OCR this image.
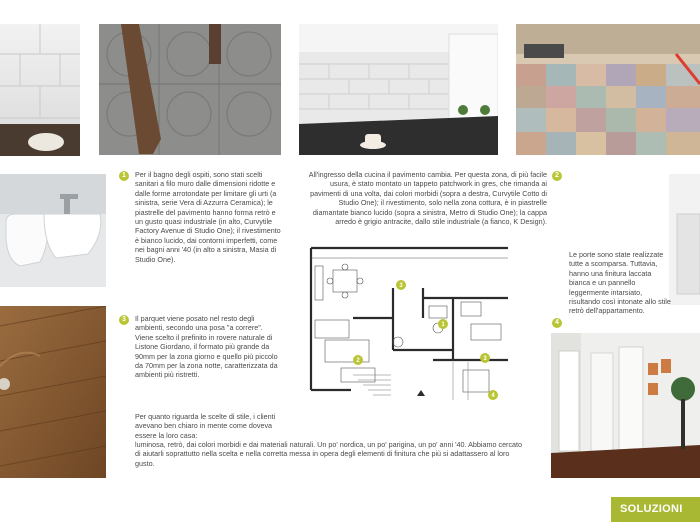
1	2
3	4

Per il bagno degli ospiti, sono stati scelti sanitari a filo muro dalle dimensioni ridotte e dalle forme arrotondate per limitare gli urti (a sinistra, serie Vera di Azzurra Ceramica); le piastrelle del pavimento hanno forma retrò e un gusto quasi industriale (in alto, Curvytile Factory Avenue di Studio One); il rivestimento è bianco lucido, dai contorni imperfetti, come nei bagni anni '40 (in alto a sinistra, Masia di Studio One).

All'ingresso della cucina il pavimento cambia. Per questa zona, di più facile usura, è stato montato un tappeto patchwork in gres, che rimanda ai pavimenti di una volta, dai colori morbidi (sopra a destra, Curvytile Cotto di Studio One); il rivestimento, solo nella zona cottura, è in piastrelle diamantate bianco lucido (sopra a sinistra, Metro di Studio One); la cappa arredo è grigio antracite, dallo stile industriale (a fianco, K Design).

Il parquet viene posato nel resto degli ambienti, secondo una posa "a correre". Viene scelto il prefinito in rovere naturale di Listone Giordano, il formato più grande da 90mm per la zona giorno e quello più piccolo da 70mm per la zona notte, caratterizzata da ambienti più ristretti.

Le porte sono state realizzate tutte a scomparsa. Tuttavia, hanno una finitura laccata bianca e un pannello leggermente intarsiato, risultando così intonate allo stile retrò dell'appartamento.

Per quanto riguarda le scelte di stile, i clienti avevano ben chiaro in mente come doveva essere la loro casa:

luminosa, retrò, dai colori morbidi e dai materiali naturali. Un po' nordica, un po' parigina, un po' anni '40. Abbiamo cercato di aiutarli soprattutto nella scelta e nella corretta messa in opera degli elementi di finitura che più si adattassero al loro gusto.

3
1
2	3
4
SOLUZIONI
